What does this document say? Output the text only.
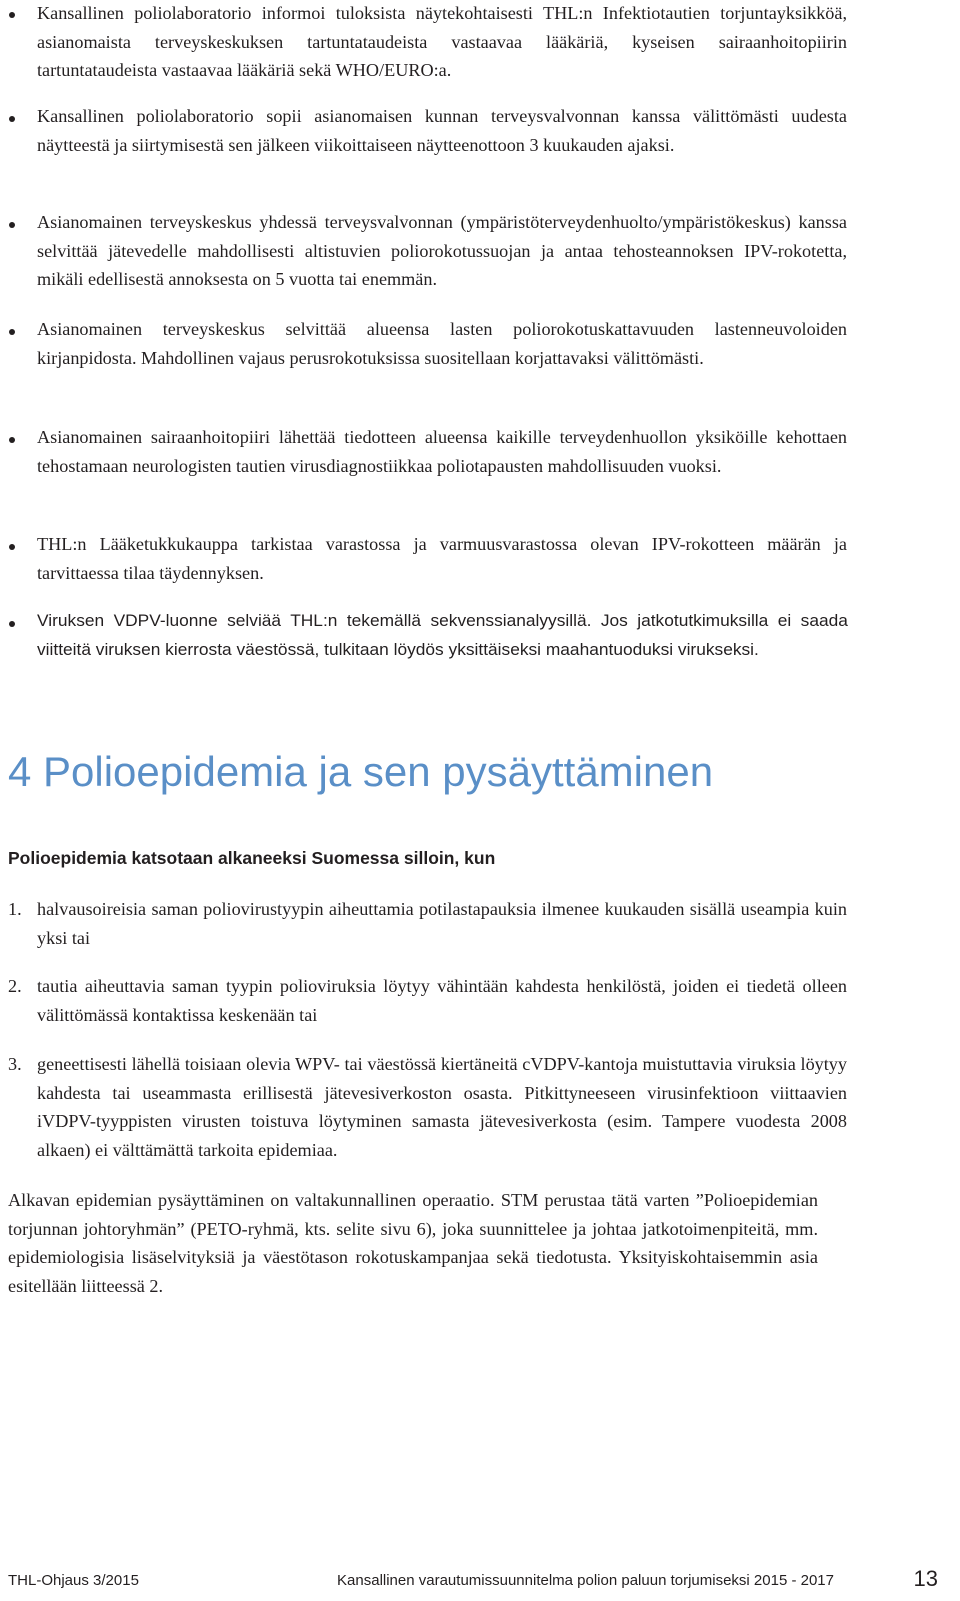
Kansallinen poliolaboratorio informoi tuloksista näytekohtaisesti THL:n Infektiotautien torjuntayksikköä, asianomaista terveyskeskuksen tartuntataudeista vastaavaa lääkäriä, kyseisen sairaanhoitopiirin tartuntataudeista vastaavaa lääkäriä sekä WHO/EURO:a.

Kansallinen poliolaboratorio sopii asianomaisen kunnan terveysvalvonnan kanssa välittömästi uudesta näytteestä ja siirtymisestä sen jälkeen viikoittaiseen näytteenottoon 3 kuukauden ajaksi.

Asianomainen terveyskeskus yhdessä terveysvalvonnan (ympäristöterveydenhuolto/ympäristökeskus) kanssa selvittää jätevedelle mahdollisesti altistuvien poliorokotussuojan ja antaa tehosteannoksen IPV-rokotetta, mikäli edellisestä annoksesta on 5 vuotta tai enemmän.

Asianomainen terveyskeskus selvittää alueensa lasten poliorokotuskattavuuden lastenneuvoloiden kirjanpidosta. Mahdollinen vajaus perusrokotuksissa suositellaan korjattavaksi välittömästi.

Asianomainen sairaanhoitopiiri lähettää tiedotteen alueensa kaikille terveydenhuollon yksiköille kehottaen tehostamaan neurologisten tautien virusdiagnostiikkaa poliotapausten mahdollisuuden vuoksi.

THL:n Lääketukkukauppa tarkistaa varastossa ja varmuusvarastossa olevan IPV-rokotteen määrän ja tarvittaessa tilaa täydennyksen.

Viruksen VDPV-luonne selviää THL:n tekemällä sekvenssianalyysillä. Jos jatkotutkimuksilla ei saada viitteitä viruksen kierrosta väestössä, tulkitaan löydös yksittäiseksi maahantuoduksi virukseksi.

4 Polioepidemia ja sen pysäyttäminen
Polioepidemia katsotaan alkaneeksi Suomessa silloin, kun
1. halvausoireisia saman poliovirustyypin aiheuttamia potilastapauksia ilmenee kuukauden sisällä useampia kuin yksi tai

2. tautia aiheuttavia saman tyypin polioviruksia löytyy vähintään kahdesta henkilöstä, joiden ei tiedetä olleen välittömässä kontaktissa keskenään tai

3. geneettisesti lähellä toisiaan olevia WPV- tai väestössä kiertäneitä cVDPV-kantoja muistuttavia viruksia löytyy kahdesta tai useammasta erillisestä jätevesiverkoston osasta. Pitkittyneeseen virusinfektioon viittaavien iVDPV-tyyppisten virusten toistuva löytyminen samasta jätevesiverkosta (esim. Tampere vuodesta 2008 alkaen) ei välttämättä tarkoita epidemiaa.

Alkavan epidemian pysäyttäminen on valtakunnallinen operaatio. STM perustaa tätä varten ”Polioepidemian torjunnan johtoryhmän” (PETO-ryhmä, kts. selite sivu 6), joka suunnittelee ja johtaa jatkotoimenpiteitä, mm. epidemiologisia lisäselvityksiä ja väestötason rokotuskampanjaa sekä tiedotusta. Yksityiskohtaisemmin asia esitellään liitteessä 2.

THL-Ohjaus 3/2015	Kansallinen varautumissuunnitelma polion paluun torjumiseksi 2015 - 2017	13
